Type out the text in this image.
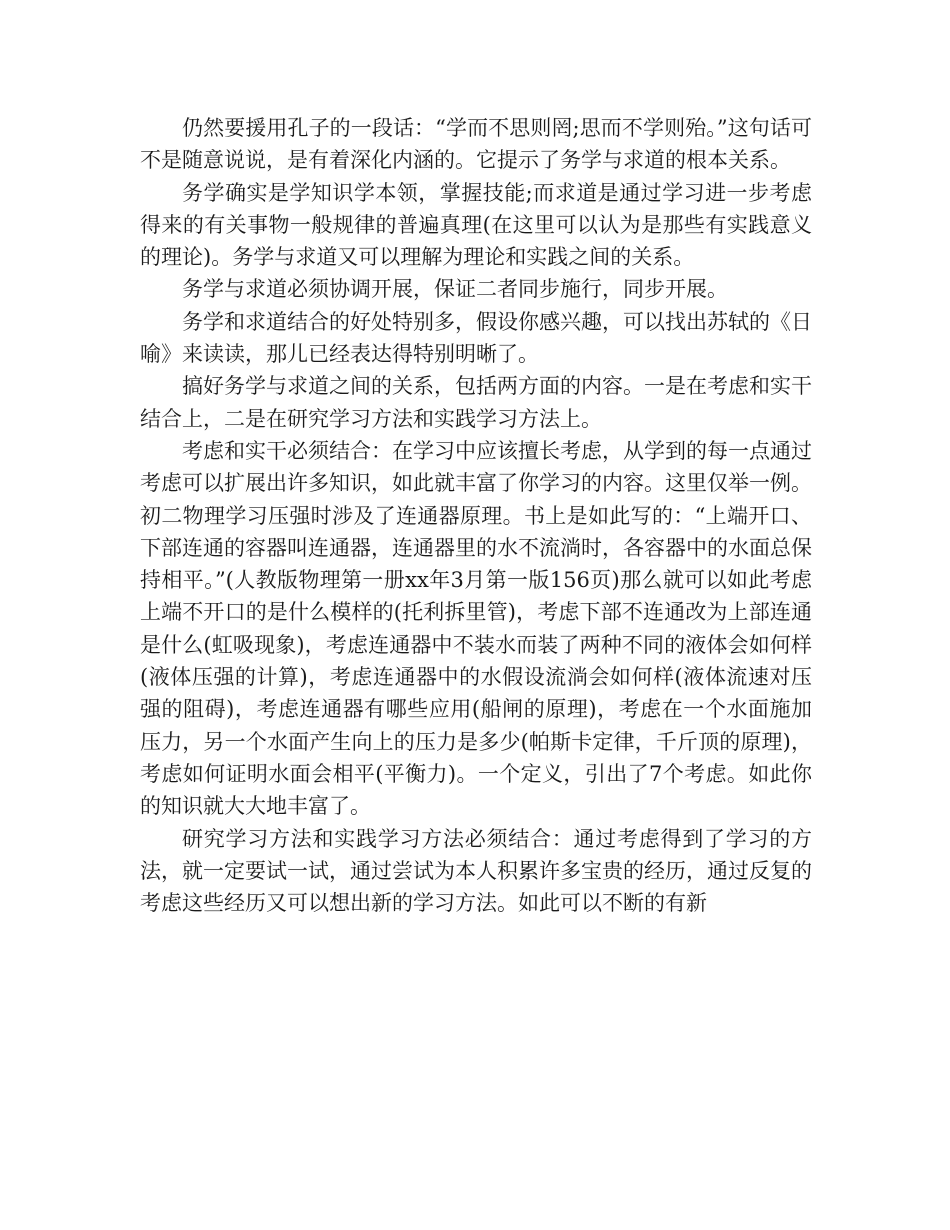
仍然要援用孔子的一段话：“学而不思则罔;思而不学则殆。”这句话可不是随意说说，是有着深化内涵的。它提示了务学与求道的根本关系。

务学确实是学知识学本领，掌握技能;而求道是通过学习进一步考虑得来的有关事物一般规律的普遍真理(在这里可以认为是那些有实践意义的理论)。务学与求道又可以理解为理论和实践之间的关系。

务学与求道必须协调开展，保证二者同步施行，同步开展。

务学和求道结合的好处特别多，假设你感兴趣，可以找出苏轼的《日喻》来读读，那儿已经表达得特别明晰了。

搞好务学与求道之间的关系，包括两方面的内容。一是在考虑和实干结合上，二是在研究学习方法和实践学习方法上。

考虑和实干必须结合：在学习中应该擅长考虑，从学到的每一点通过考虑可以扩展出许多知识，如此就丰富了你学习的内容。这里仅举一例。初二物理学习压强时涉及了连通器原理。书上是如此写的：“上端开口、下部连通的容器叫连通器，连通器里的水不流淌时，各容器中的水面总保持相平。”(人教版物理第一册xx年3月第一版156页)那么就可以如此考虑上端不开口的是什么模样的(托利拆里管)，考虑下部不连通改为上部连通是什么(虹吸现象)，考虑连通器中不装水而装了两种不同的液体会如何样(液体压强的计算)，考虑连通器中的水假设流淌会如何样(液体流速对压强的阻碍)，考虑连通器有哪些应用(船闸的原理)，考虑在一个水面施加压力，另一个水面产生向上的压力是多少(帕斯卡定律，千斤顶的原理)，考虑如何证明水面会相平(平衡力)。一个定义，引出了7个考虑。如此你的知识就大大地丰富了。

研究学习方法和实践学习方法必须结合：通过考虑得到了学习的方法，就一定要试一试，通过尝试为本人积累许多宝贵的经历，通过反复的考虑这些经历又可以想出新的学习方法。如此可以不断的有新
